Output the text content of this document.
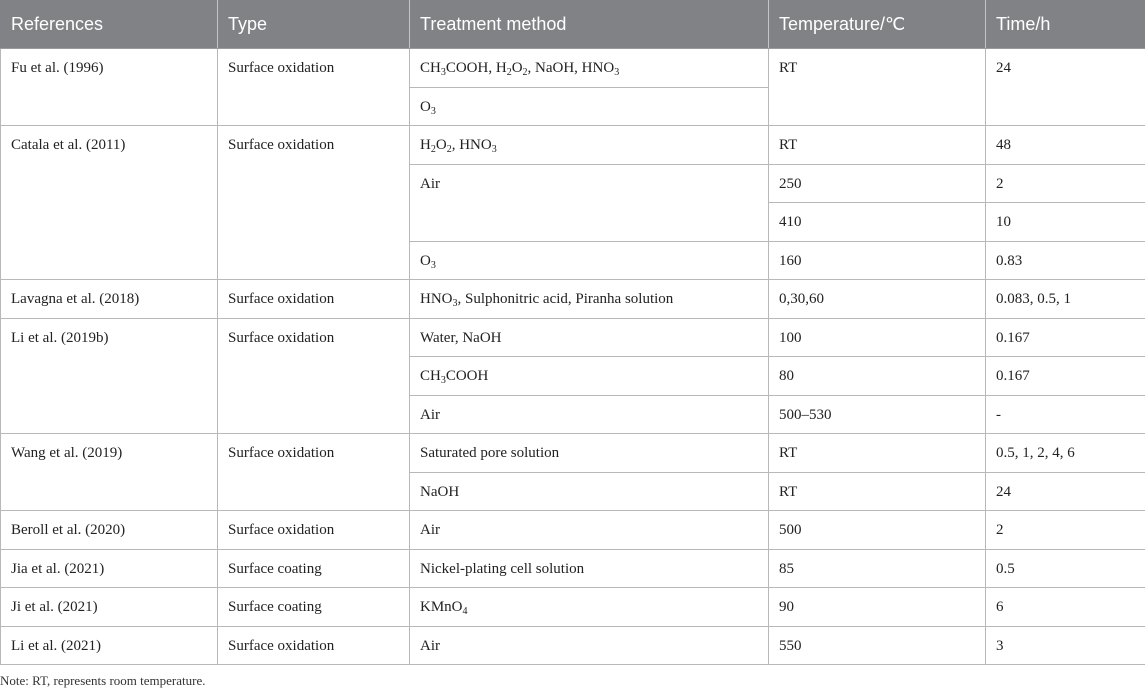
References	Type	Treatment method	Temperature/℃	Time/h
Fu et al. (1996)	Surface oxidation	$CH_3COOH$, $H_2O_2$, NaOH, $HNO_3$	RT	24
		$O_3$
Catala et al. (2011)	Surface oxidation	$H_2O_2$, $HNO_3$	RT	48
		Air	250	2
			410	10
		$O_3$	160	0.83
Lavagna et al. (2018)	Surface oxidation	$HNO_3$, Sulphonitric acid, Piranha solution	0,30,60	0.083, 0.5, 1
Li et al. (2019b)	Surface oxidation	Water, NaOH	100	0.167
		$CH_3COOH$	80	0.167
		Air	500–530	-
Wang et al. (2019)	Surface oxidation	Saturated pore solution	RT	0.5, 1, 2, 4, 6
		NaOH	RT	24
Beroll et al. (2020)	Surface oxidation	Air	500	2
Jia et al. (2021)	Surface coating	Nickel-plating cell solution	85	0.5
Ji et al. (2021)	Surface coating	KMnO$_4$	90	6
Li et al. (2021)	Surface oxidation	Air	550	3
Note: RT, represents room temperature.
